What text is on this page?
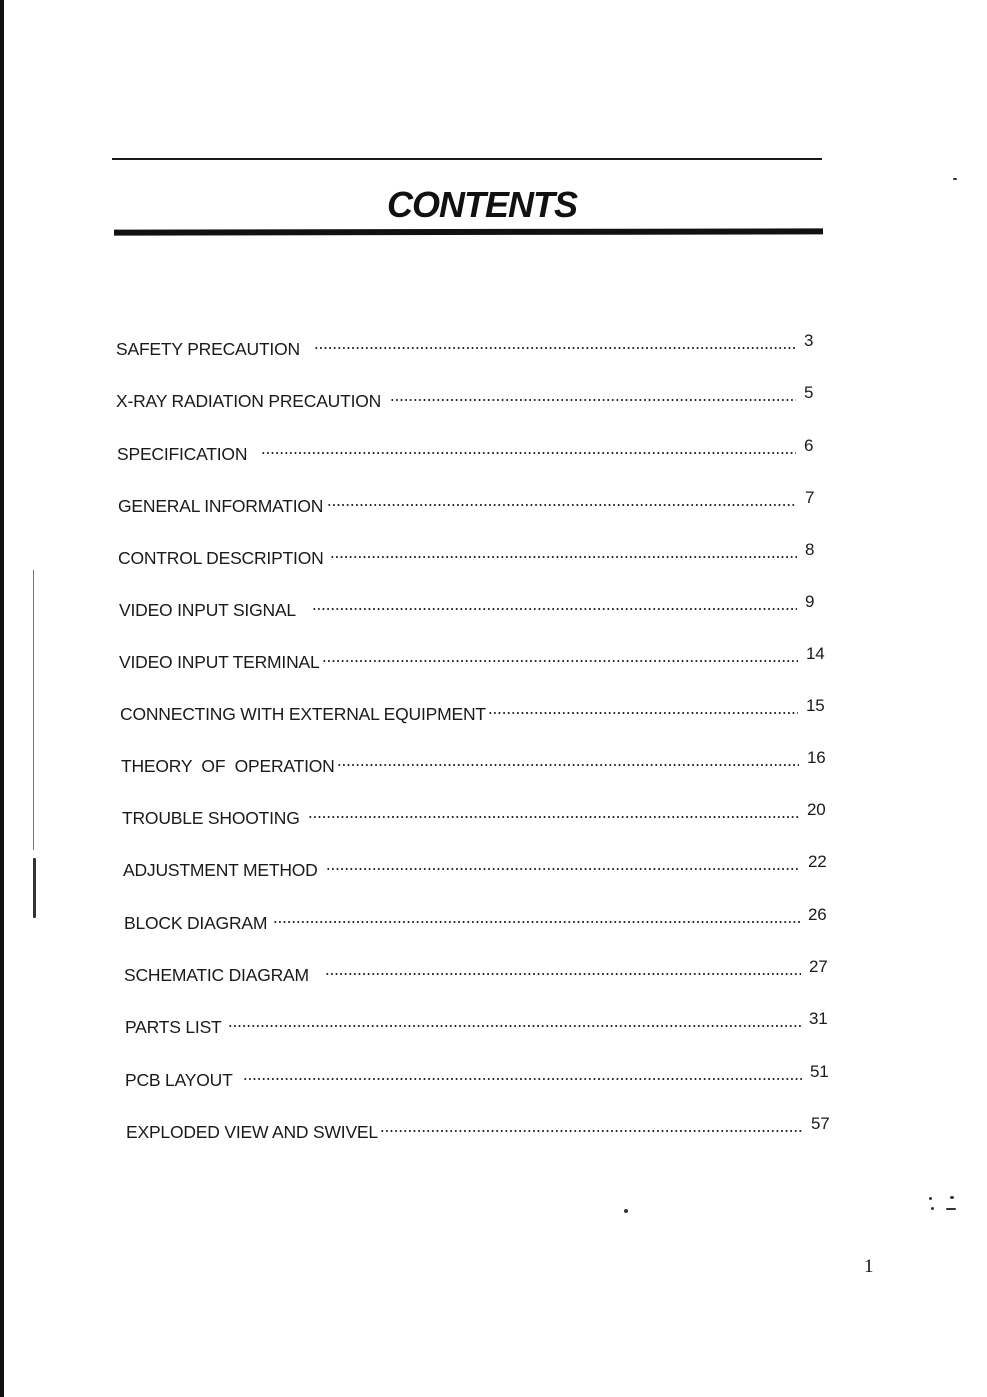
CONTENTS
SAFETY PRECAUTION	3
X-RAY RADIATION PRECAUTION	5
SPECIFICATION	6
GENERAL INFORMATION	7
CONTROL DESCRIPTION	8
VIDEO INPUT SIGNAL	9
VIDEO INPUT TERMINAL	14
CONNECTING WITH EXTERNAL EQUIPMENT	15
THEORY  OF  OPERATION	16
TROUBLE SHOOTING	20
ADJUSTMENT METHOD	22
BLOCK DIAGRAM	26
SCHEMATIC DIAGRAM	27
PARTS LIST	31
PCB LAYOUT	51
EXPLODED VIEW AND SWIVEL	57
1
